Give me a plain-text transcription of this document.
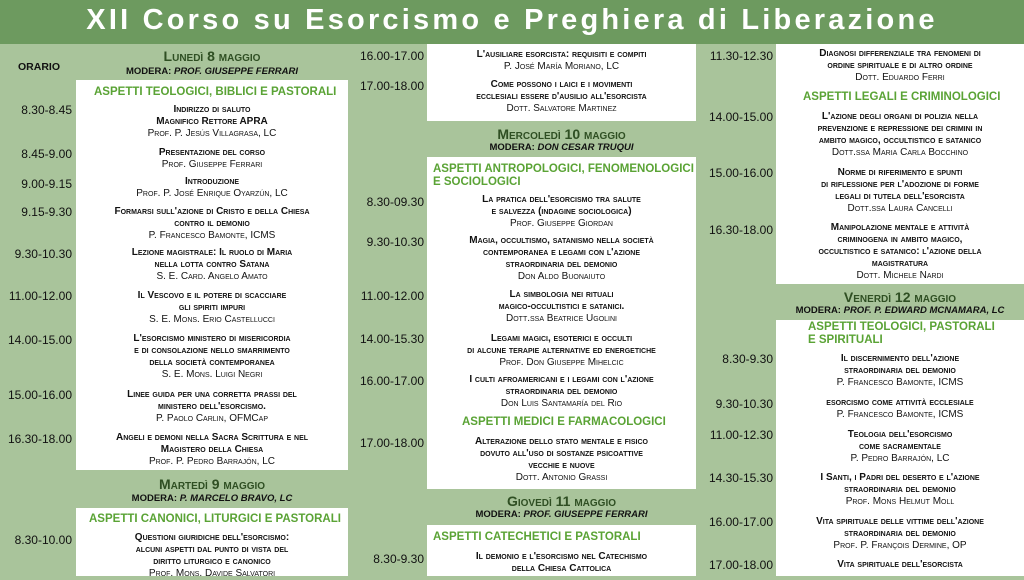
XII Corso su Esorcismo e Preghiera di Liberazione
ORARIO
Lunedì 8 maggio
MODERA: PROF. GIUSEPPE FERRARI
ASPETTI TEOLOGICI, BIBLICI E PASTORALI
8.30-8.45	Indirizzo di saluto
Magnifico Rettore APRA
Prof. P. Jesús Villagrasa, LC
8.45-9.00	Presentazione del corso
Prof. Giuseppe Ferrari
9.00-9.15	Introduzione
Prof. P. José Enrique Oyarzún, LC
9.15-9.30	Formarsi sull'azione di Cristo e della Chiesa
contro il demonio
P. Francesco Bamonte, ICMS
9.30-10.30	Lezione magistrale: Il ruolo di Maria
nella lotta contro Satana
S. E. Card. Angelo Amato
11.00-12.00	Il Vescovo e il potere di scacciare
gli spiriti impuri
S. E. Mons. Erio Castellucci
14.00-15.00	L'esorcismo ministero di misericordia
e di consolazione nello smarrimento
della società contemporanea
S. E. Mons. Luigi Negri
15.00-16.00	Linee guida per una corretta prassi del
ministero dell'esorcismo.
P. Paolo Carlin, OFMCap
16.30-18.00	Angeli e demoni nella Sacra Scrittura e nel
Magistero della Chiesa
Prof. P. Pedro Barrajón, LC
Martedì 9 maggio
MODERA: P. MARCELO BRAVO, LC
ASPETTI CANONICI, LITURGICI E PASTORALI
8.30-10.00	Questioni giuridiche dell'esorcismo:
alcuni aspetti dal punto di vista del
diritto liturgico e canonico
Prof. Mons. Davide Salvatori
16.00-17.00	L'ausiliare esorcista: requisiti e compiti
P. José María Moriano, LC
17.00-18.00	Come possono i laici e i movimenti
ecclesiali essere d'ausilio all'esorcista
Dott. Salvatore Martinez
Mercoledì 10 maggio
MODERA: DON CESAR TRUQUI
ASPETTI ANTROPOLOGICI, FENOMENOLOGICI
E SOCIOLOGICI
8.30-09.30	La pratica dell'esorcismo tra salute
e salvezza (indagine sociologica)
Prof. Giuseppe Giordan
9.30-10.30	Magia, occultismo, satanismo nella società
contemporanea e legami con l'azione
straordinaria del demonio
Don Aldo Buonaiuto
11.00-12.00	La simbologia nei rituali
magico-occultistici e satanici.
Dott.ssa Beatrice Ugolini
14.00-15.30	Legami magici, esoterici e occulti
di alcune terapie alternative ed energetiche
Prof. Don Giuseppe Mihelcic
16.00-17.00	I culti afroamericani e i legami con l'azione
straordinaria del demonio
Don Luis Santamaría del Rio
ASPETTI MEDICI E FARMACOLOGICI
17.00-18.00	Alterazione dello stato mentale e fisico
dovuto all'uso di sostanze psicoattive
vecchie e nuove
Dott. Antonio Grassi
Giovedì 11 maggio
MODERA: PROF. GIUSEPPE FERRARI
ASPETTI CATECHETICI E PASTORALI
8.30-9.30	Il demonio e l'esorcismo nel Catechismo
della Chiesa Cattolica
11.30-12.30	Diagnosi differenziale tra fenomeni di
ordine spirituale e di altro ordine
Dott. Eduardo Ferri
ASPETTI LEGALI E CRIMINOLOGICI
14.00-15.00	L'azione degli organi di polizia nella
prevenzione e repressione dei crimini in
ambito magico, occultistico e satanico
Dott.ssa Maria Carla Bocchino
15.00-16.00	Norme di riferimento e spunti
di riflessione per l'adozione di forme
legali di tutela dell'esorcista
Dott.ssa Laura Cancelli
16.30-18.00	Manipolazione mentale e attività
criminogena in ambito magico,
occultistico e satanico: l'azione della
magistratura
Dott. Michele Nardi
Venerdì 12 maggio
MODERA: PROF. P. EDWARD MCNAMARA, LC
ASPETTI TEOLOGICI, PASTORALI
E SPIRITUALI
8.30-9.30	Il discernimento dell'azione
straordinaria del demonio
P. Francesco Bamonte, ICMS
9.30-10.30	esorcismo come attività ecclesiale
P. Francesco Bamonte, ICMS
11.00-12.30	Teologia dell'esorcismo
come sacramentale
P. Pedro Barrajón, LC
14.30-15.30	I Santi, i Padri del deserto e l'azione
straordinaria del demonio
Prof. Mons Helmut Moll
16.00-17.00	Vita spirituale delle vittime dell'azione
straordinaria del demonio
Prof. P. François Dermine, OP
17.00-18.00	Vita spirituale dell'esorcista
